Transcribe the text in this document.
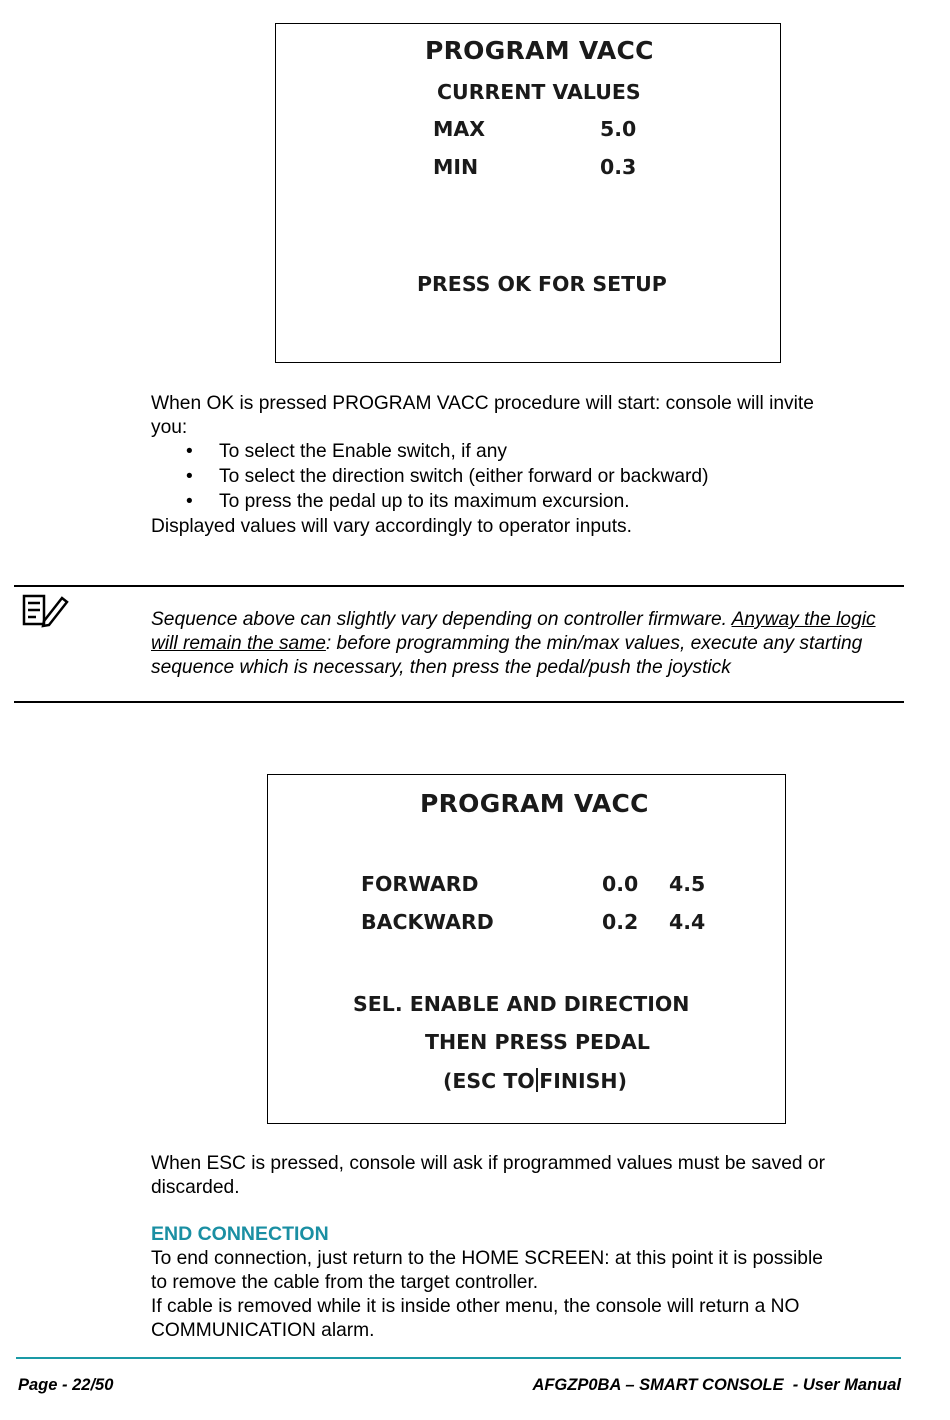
PROGRAM VACC
CURRENT VALUES
MAX	5.0
MIN	0.3
PRESS OK FOR SETUP
When OK is pressed PROGRAM VACC procedure will start: console will invite
you:
• To select the Enable switch, if any
• To select the direction switch (either forward or backward)
• To press the pedal up to its maximum excursion.
Displayed values will vary accordingly to operator inputs.
Sequence above can slightly vary depending on controller firmware. Anyway the logic will remain the same: before programming the min/max values, execute any starting sequence which is necessary, then press the pedal/push the joystick
PROGRAM VACC
FORWARD	0.0 4.5
BACKWARD	0.2 4.4
SEL. ENABLE AND DIRECTION
THEN PRESS PEDAL
(ESC TO FINISH)
When ESC is pressed, console will ask if programmed values must be saved or
discarded.
END CONNECTION
To end connection, just return to the HOME SCREEN: at this point it is possible
to remove the cable from the target controller.
If cable is removed while it is inside other menu, the console will return a NO
COMMUNICATION alarm.
Page - 22/50	AFGZP0BA – SMART CONSOLE  - User Manual
